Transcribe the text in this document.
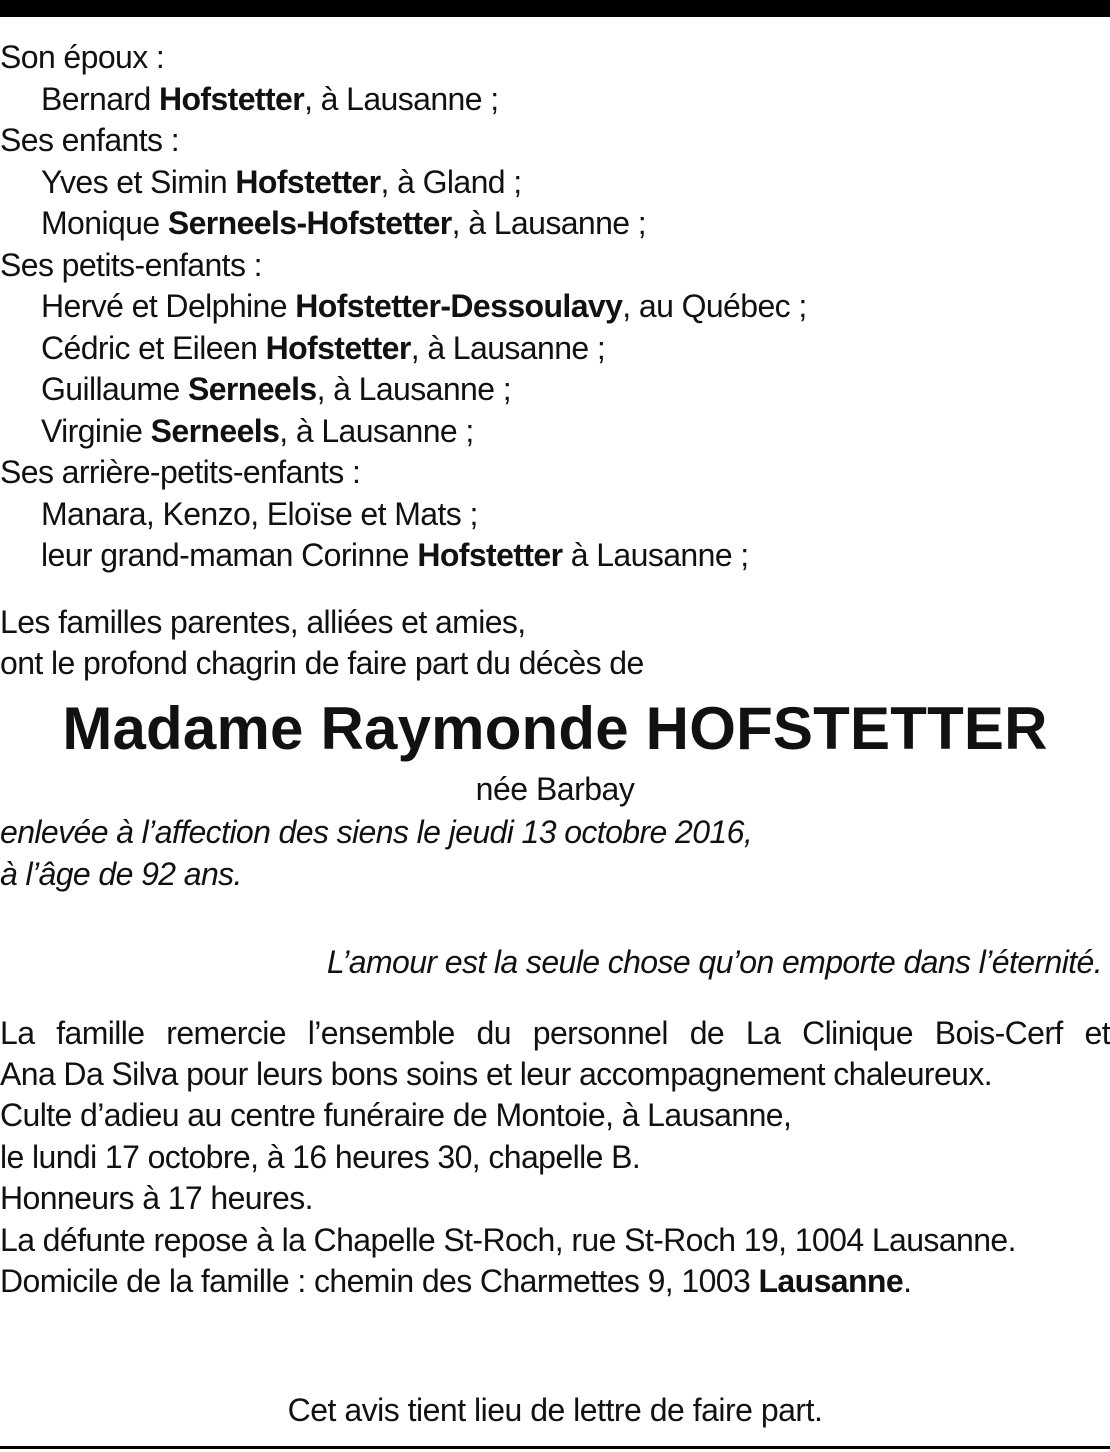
Son époux :
Bernard Hofstetter, à Lausanne ;
Ses enfants :
Yves et Simin Hofstetter, à Gland ;
Monique Serneels-Hofstetter, à Lausanne ;
Ses petits-enfants :
Hervé et Delphine Hofstetter-Dessoulavy, au Québec ;
Cédric et Eileen Hofstetter, à Lausanne ;
Guillaume Serneels, à Lausanne ;
Virginie Serneels, à Lausanne ;
Ses arrière-petits-enfants :
Manara, Kenzo, Eloïse et Mats ;
leur grand-maman Corinne Hofstetter à Lausanne ;
Les familles parentes, alliées et amies,
ont le profond chagrin de faire part du décès de
Madame Raymonde HOFSTETTER
née Barbay
enlevée à l’affection des siens le jeudi 13 octobre 2016,
à l’âge de 92 ans.
L’amour est la seule chose qu’on emporte dans l’éternité.
La famille remercie l’ensemble du personnel de La Clinique Bois-Cerf et
Ana Da Silva pour leurs bons soins et leur accompagnement chaleureux.
Culte d’adieu au centre funéraire de Montoie, à Lausanne,
le lundi 17 octobre, à 16 heures 30, chapelle B.
Honneurs à 17 heures.
La défunte repose à la Chapelle St-Roch, rue St-Roch 19, 1004 Lausanne.
Domicile de la famille : chemin des Charmettes 9, 1003 Lausanne.
Cet avis tient lieu de lettre de faire part.
